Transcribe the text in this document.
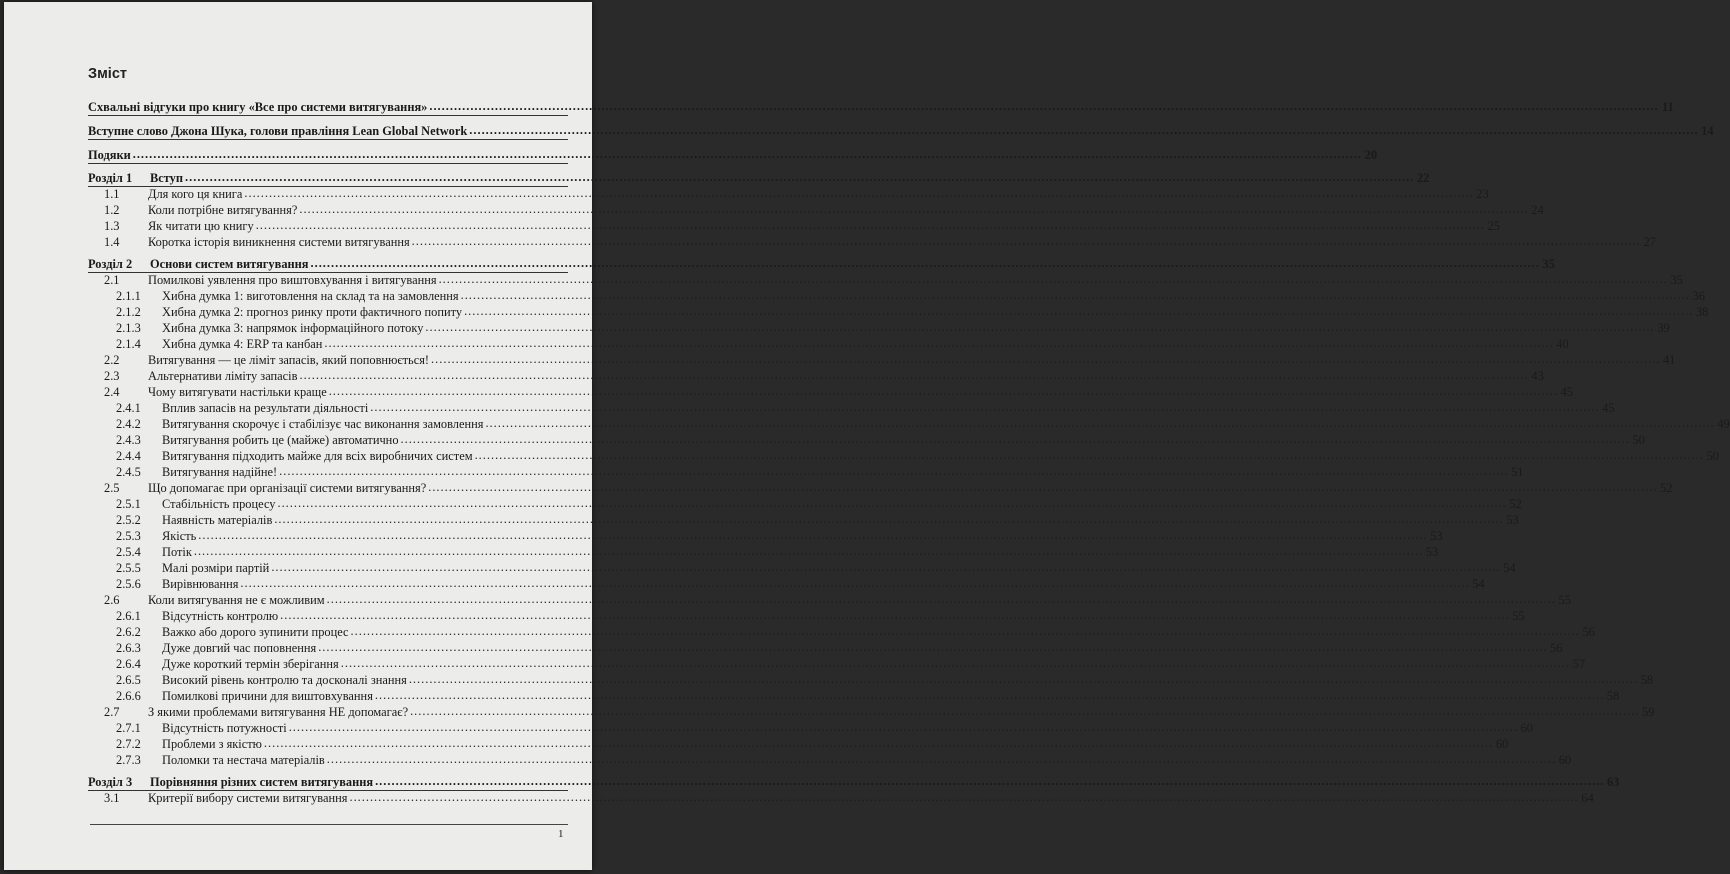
Зміст
Схвальні відгуки про книгу «Все про системи витягування» ............................................................................................................................................................................................................................................................................................................ 11
Вступне слово Джона Шука, голови правління Lean Global Network ............................................................................................................................................................................................................................................................................................................ 14
Подяки ............................................................................................................................................................................................................................................................................................................ 20
Розділ 1	Вступ ............................................................................................................................................................................................................................................................................................................ 22
1.1	Для кого ця книга ............................................................................................................................................................................................................................................................................................................ 23
1.2	Коли потрібне витягування? ............................................................................................................................................................................................................................................................................................................ 24
1.3	Як читати цю книгу ............................................................................................................................................................................................................................................................................................................ 25
1.4	Коротка історія виникнення системи витягування ............................................................................................................................................................................................................................................................................................................ 27
Розділ 2	Основи систем витягування ............................................................................................................................................................................................................................................................................................................ 35
2.1	Помилкові уявлення про виштовхування і витягування ............................................................................................................................................................................................................................................................................................................ 35
2.1.1	Хибна думка 1: виготовлення на склад та на замовлення ............................................................................................................................................................................................................................................................................................................ 36
2.1.2	Хибна думка 2: прогноз ринку проти фактичного попиту ............................................................................................................................................................................................................................................................................................................ 38
2.1.3	Хибна думка 3: напрямок інформаційного потоку ............................................................................................................................................................................................................................................................................................................ 39
2.1.4	Хибна думка 4: ERP та канбан ............................................................................................................................................................................................................................................................................................................ 40
2.2	Витягування — це ліміт запасів, який поповнюється! ............................................................................................................................................................................................................................................................................................................ 41
2.3	Альтернативи ліміту запасів ............................................................................................................................................................................................................................................................................................................ 43
2.4	Чому витягувати настільки краще ............................................................................................................................................................................................................................................................................................................ 45
2.4.1	Вплив запасів на результати діяльності ............................................................................................................................................................................................................................................................................................................ 45
2.4.2	Витягування скорочує і стабілізує час виконання замовлення ............................................................................................................................................................................................................................................................................................................ 49
2.4.3	Витягування робить це (майже) автоматично ............................................................................................................................................................................................................................................................................................................ 50
2.4.4	Витягування підходить майже для всіх виробничих систем ............................................................................................................................................................................................................................................................................................................ 50
2.4.5	Витягування надійне! ............................................................................................................................................................................................................................................................................................................ 51
2.5	Що допомагає при організації системи витягування? ............................................................................................................................................................................................................................................................................................................ 52
2.5.1	Стабільність процесу ............................................................................................................................................................................................................................................................................................................ 52
2.5.2	Наявність матеріалів ............................................................................................................................................................................................................................................................................................................ 53
2.5.3	Якість ............................................................................................................................................................................................................................................................................................................ 53
2.5.4	Потік ............................................................................................................................................................................................................................................................................................................ 53
2.5.5	Малі розміри партій ............................................................................................................................................................................................................................................................................................................ 54
2.5.6	Вирівнювання ............................................................................................................................................................................................................................................................................................................ 54
2.6	Коли витягування не є можливим ............................................................................................................................................................................................................................................................................................................ 55
2.6.1	Відсутність контролю ............................................................................................................................................................................................................................................................................................................ 55
2.6.2	Важко або дорого зупинити процес ............................................................................................................................................................................................................................................................................................................ 56
2.6.3	Дуже довгий час поповнення ............................................................................................................................................................................................................................................................................................................ 56
2.6.4	Дуже короткий термін зберігання ............................................................................................................................................................................................................................................................................................................ 57
2.6.5	Високий рівень контролю та досконалі знання ............................................................................................................................................................................................................................................................................................................ 58
2.6.6	Помилкові причини для виштовхування ............................................................................................................................................................................................................................................................................................................ 58
2.7	З якими проблемами витягування НЕ допомагає? ............................................................................................................................................................................................................................................................................................................ 59
2.7.1	Відсутність потужності ............................................................................................................................................................................................................................................................................................................ 60
2.7.2	Проблеми з якістю ............................................................................................................................................................................................................................................................................................................ 60
2.7.3	Поломки та нестача матеріалів ............................................................................................................................................................................................................................................................................................................ 60
Розділ 3	Порівняння різних систем витягування ............................................................................................................................................................................................................................................................................................................ 63
3.1	Критерії вибору системи витягування ............................................................................................................................................................................................................................................................................................................ 64
1
